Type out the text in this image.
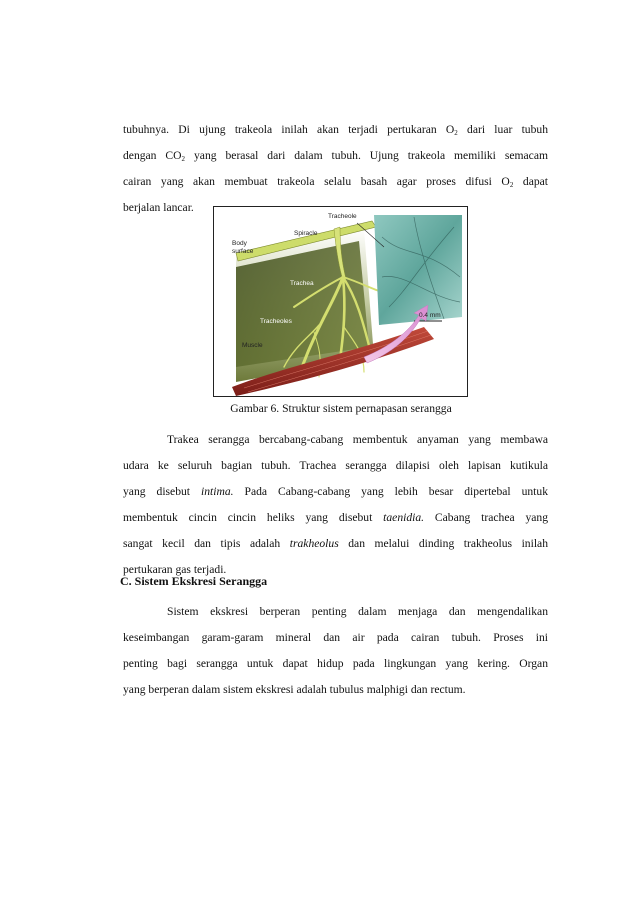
tubuhnya. Di ujung trakeola inilah akan terjadi pertukaran $O_2$ dari luar tubuh
dengan $CO_2$ yang berasal dari dalam tubuh. Ujung trakeola memiliki semacam
cairan yang akan membuat trakeola selalu basah agar proses difusi $O_2$ dapat
berjalan lancar.

Tracheole
Spiracle
Body
surface
Trachea
Tracheoles
Muscle
0.4 mm
Gambar 6. Struktur sistem pernapasan serangga

Trakea serangga bercabang-cabang membentuk anyaman yang membawa
udara ke seluruh bagian tubuh. Trachea serangga dilapisi oleh lapisan kutikula
yang disebut intima. Pada Cabang-cabang yang lebih besar dipertebal untuk
membentuk cincin cincin heliks yang disebut taenidia. Cabang trachea yang
sangat kecil dan tipis adalah trakheolus dan melalui dinding trakheolus inilah
pertukaran gas terjadi.

C. Sistem Ekskresi Serangga

Sistem ekskresi berperan penting dalam menjaga dan mengendalikan
keseimbangan garam-garam mineral dan air pada cairan tubuh. Proses ini
penting bagi serangga untuk dapat hidup pada lingkungan yang kering. Organ
yang berperan dalam sistem ekskresi adalah tubulus malphigi dan rectum.
